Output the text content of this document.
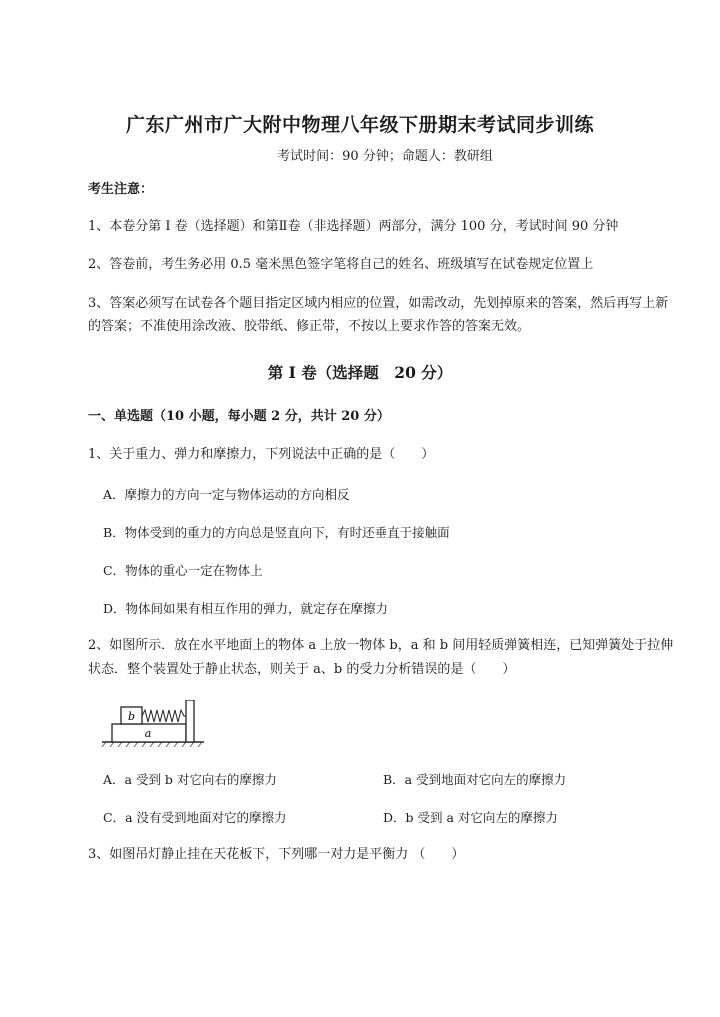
广东广州市广大附中物理八年级下册期末考试同步训练
考试时间：90 分钟；命题人：教研组
考生注意：
1、本卷分第 I 卷（选择题）和第Ⅱ卷（非选择题）两部分，满分 100 分，考试时间 90 分钟
2、答卷前，考生务必用 0.5 毫米黑色签字笔将自己的姓名、班级填写在试卷规定位置上
3、答案必须写在试卷各个题目指定区域内相应的位置，如需改动，先划掉原来的答案，然后再写上新的答案；不准使用涂改液、胶带纸、修正带，不按以上要求作答的答案无效。
第 I 卷（选择题　20 分）
一、单选题（10 小题，每小题 2 分，共计 20 分）
1、关于重力、弹力和摩擦力，下列说法中正确的是（　　）
A．摩擦力的方向一定与物体运动的方向相反
B．物体受到的重力的方向总是竖直向下，有时还垂直于接触面
C．物体的重心一定在物体上
D．物体间如果有相互作用的弹力，就定存在摩擦力
2、如图所示．放在水平地面上的物体 a 上放一物体 b，a 和 b 间用轻质弹簧相连，已知弹簧处于拉伸状态．整个装置处于静止状态，则关于 a、b 的受力分析错误的是（　　）
a
b
A．a 受到 b 对它向右的摩擦力	B．a 受到地面对它向左的摩擦力
C．a 没有受到地面对它的摩擦力	D．b 受到 a 对它向左的摩擦力
3、如图吊灯静止挂在天花板下，下列哪一对力是平衡力 （　　）
